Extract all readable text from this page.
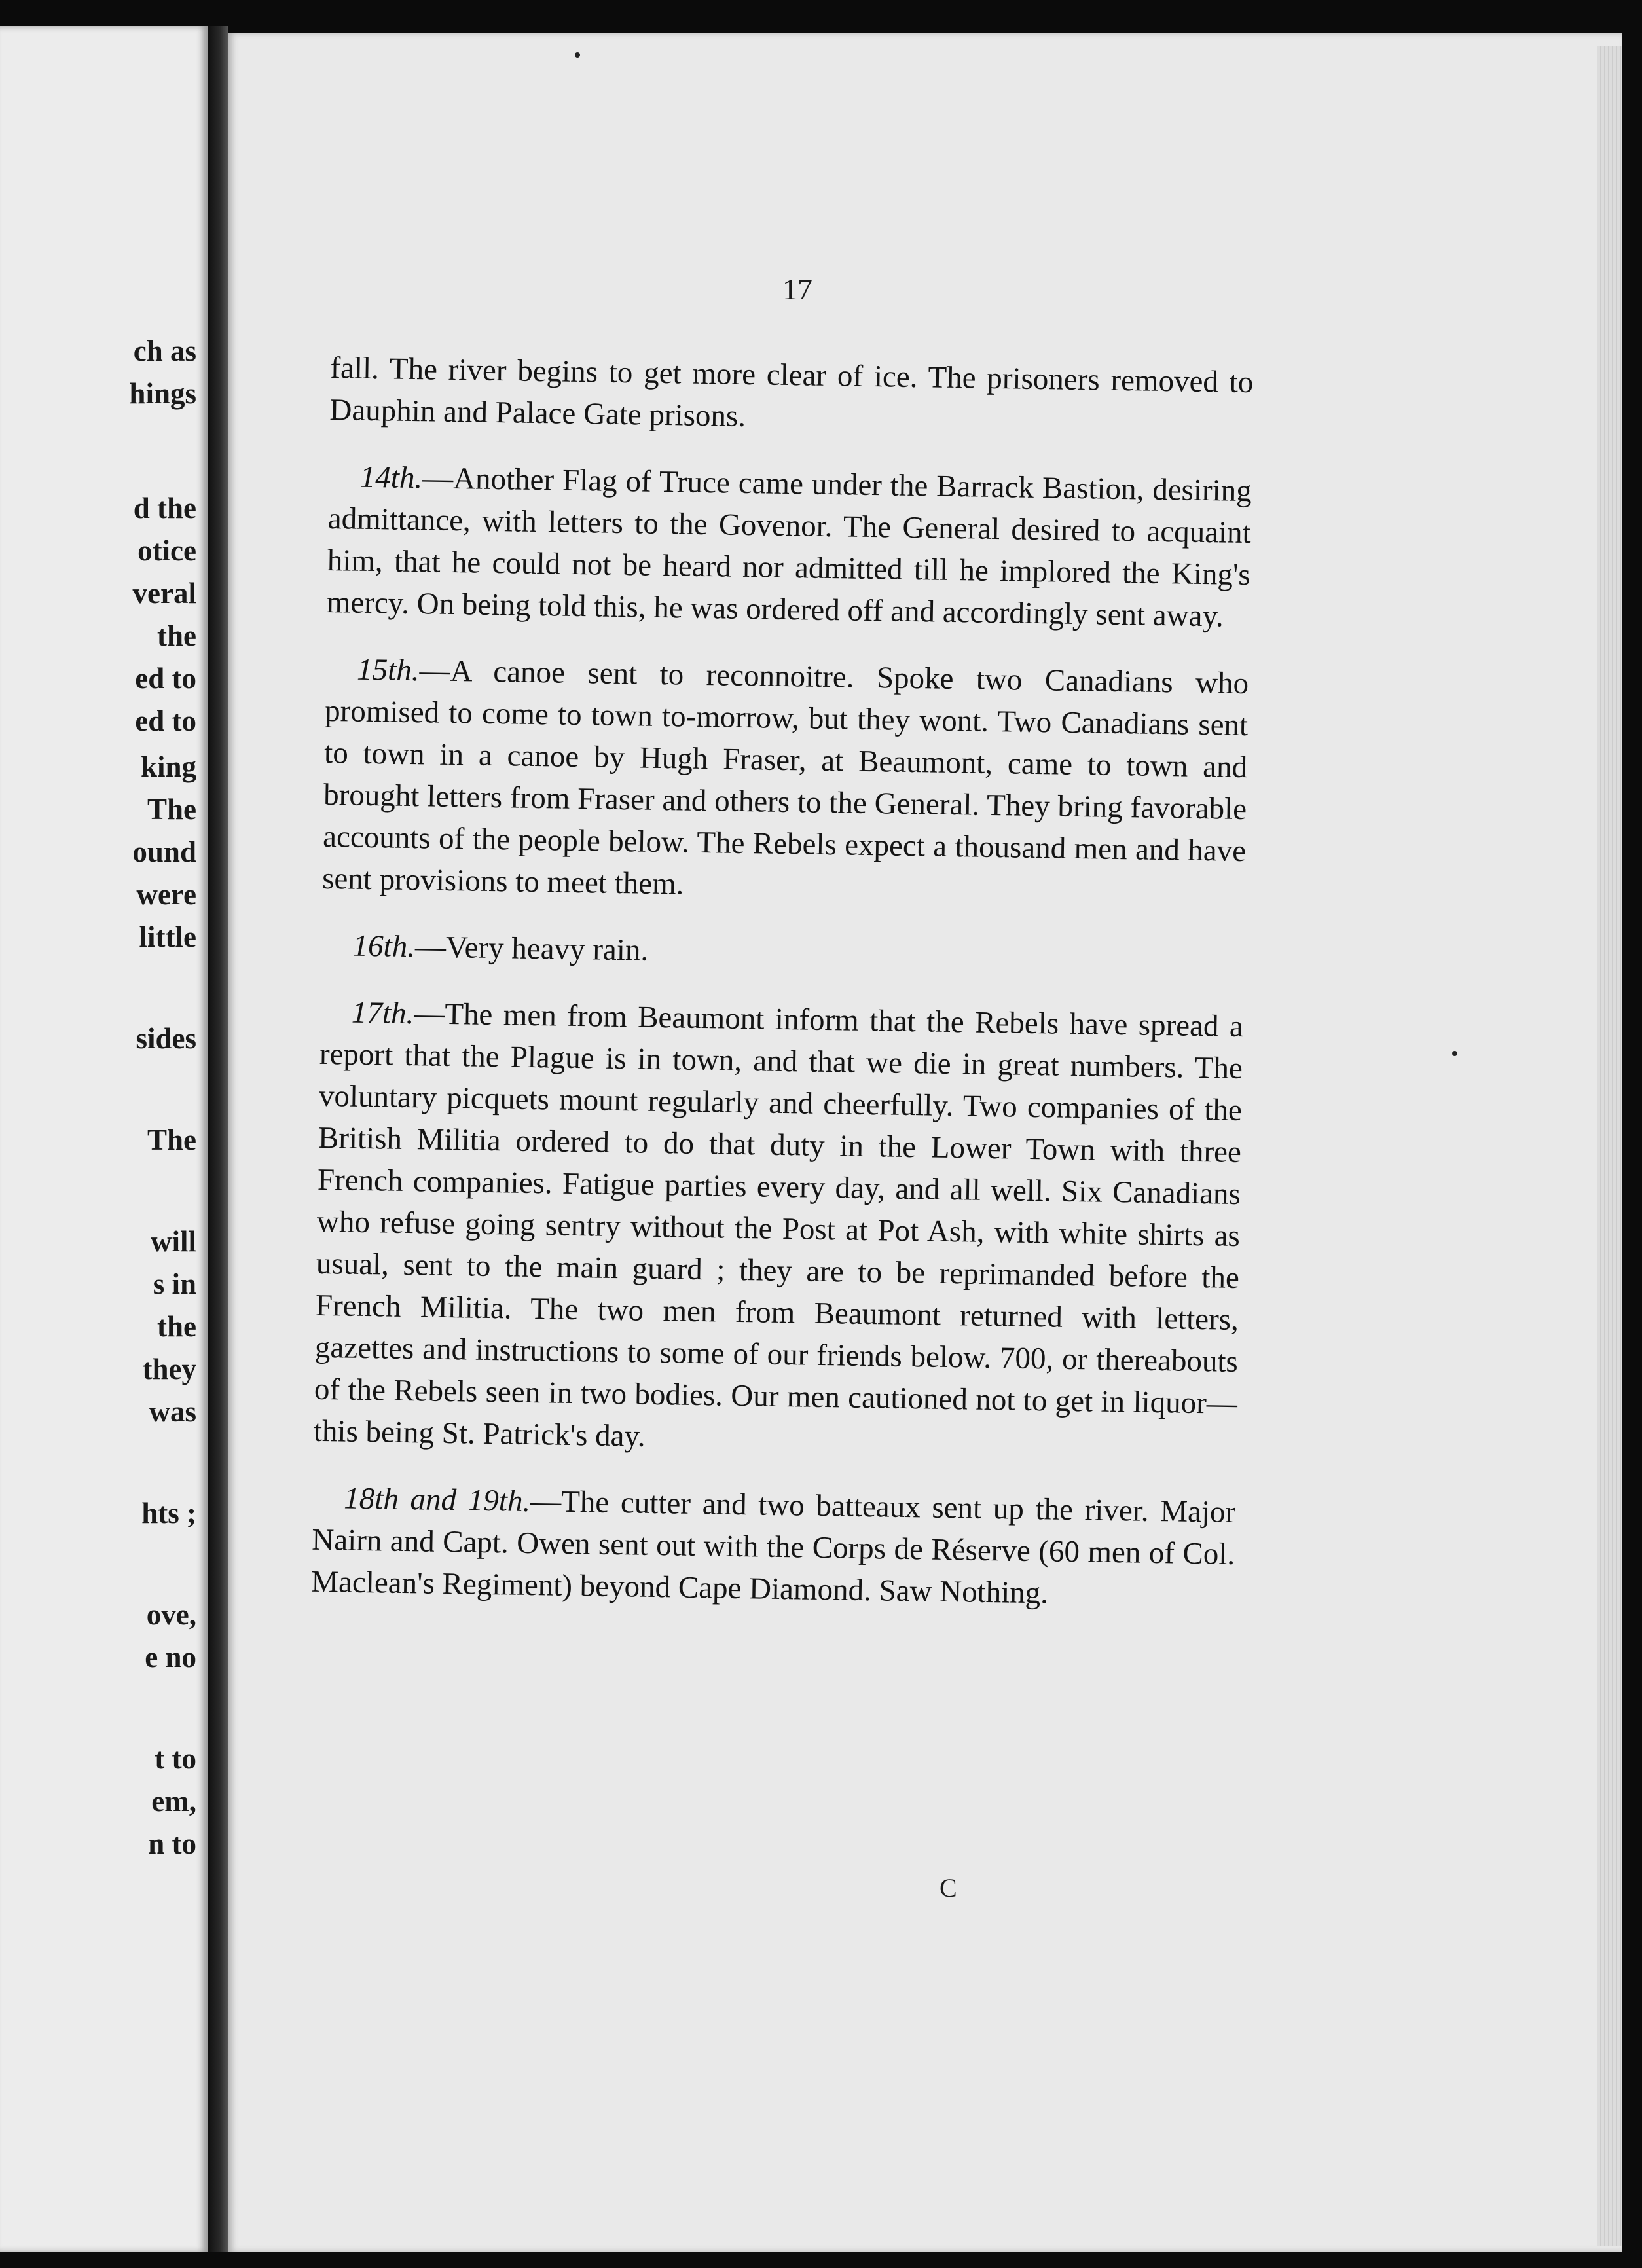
ch as
hings
d the
otice
veral
the
ed to
ed to
king
The
ound
were
little
sides
The
will
s in
the
they
was
hts ;
ove,
e no
t to
em,
n to
17

fall. The river begins to get more clear of ice. The prisoners removed to Dauphin and Palace Gate prisons.

14th.—Another Flag of Truce came under the Barrack Bastion, desiring admittance, with letters to the Govenor. The General desired to acquaint him, that he could not be heard nor admitted till he implored the King's mercy. On being told this, he was ordered off and accordingly sent away.

15th.—A canoe sent to reconnoitre. Spoke two Canadians who promised to come to town to-morrow, but they wont. Two Canadians sent to town in a canoe by Hugh Fraser, at Beaumont, came to town and brought letters from Fraser and others to the General. They bring favorable accounts of the people below. The Rebels expect a thousand men and have sent provisions to meet them.

16th.—Very heavy rain.

17th.—The men from Beaumont inform that the Rebels have spread a report that the Plague is in town, and that we die in great numbers. The voluntary picquets mount regularly and cheerfully. Two companies of the British Militia ordered to do that duty in the Lower Town with three French companies. Fatigue parties every day, and all well. Six Canadians who refuse going sentry without the Post at Pot Ash, with white shirts as usual, sent to the main guard ; they are to be reprimanded before the French Militia. The two men from Beaumont returned with letters, gazettes and instructions to some of our friends below. 700, or thereabouts of the Rebels seen in two bodies. Our men cautioned not to get in liquor—this being St. Patrick's day.

18th and 19th.—The cutter and two batteaux sent up the river. Major Nairn and Capt. Owen sent out with the Corps de Réserve (60 men of Col. Maclean's Regiment) beyond Cape Diamond. Saw Nothing.

C
